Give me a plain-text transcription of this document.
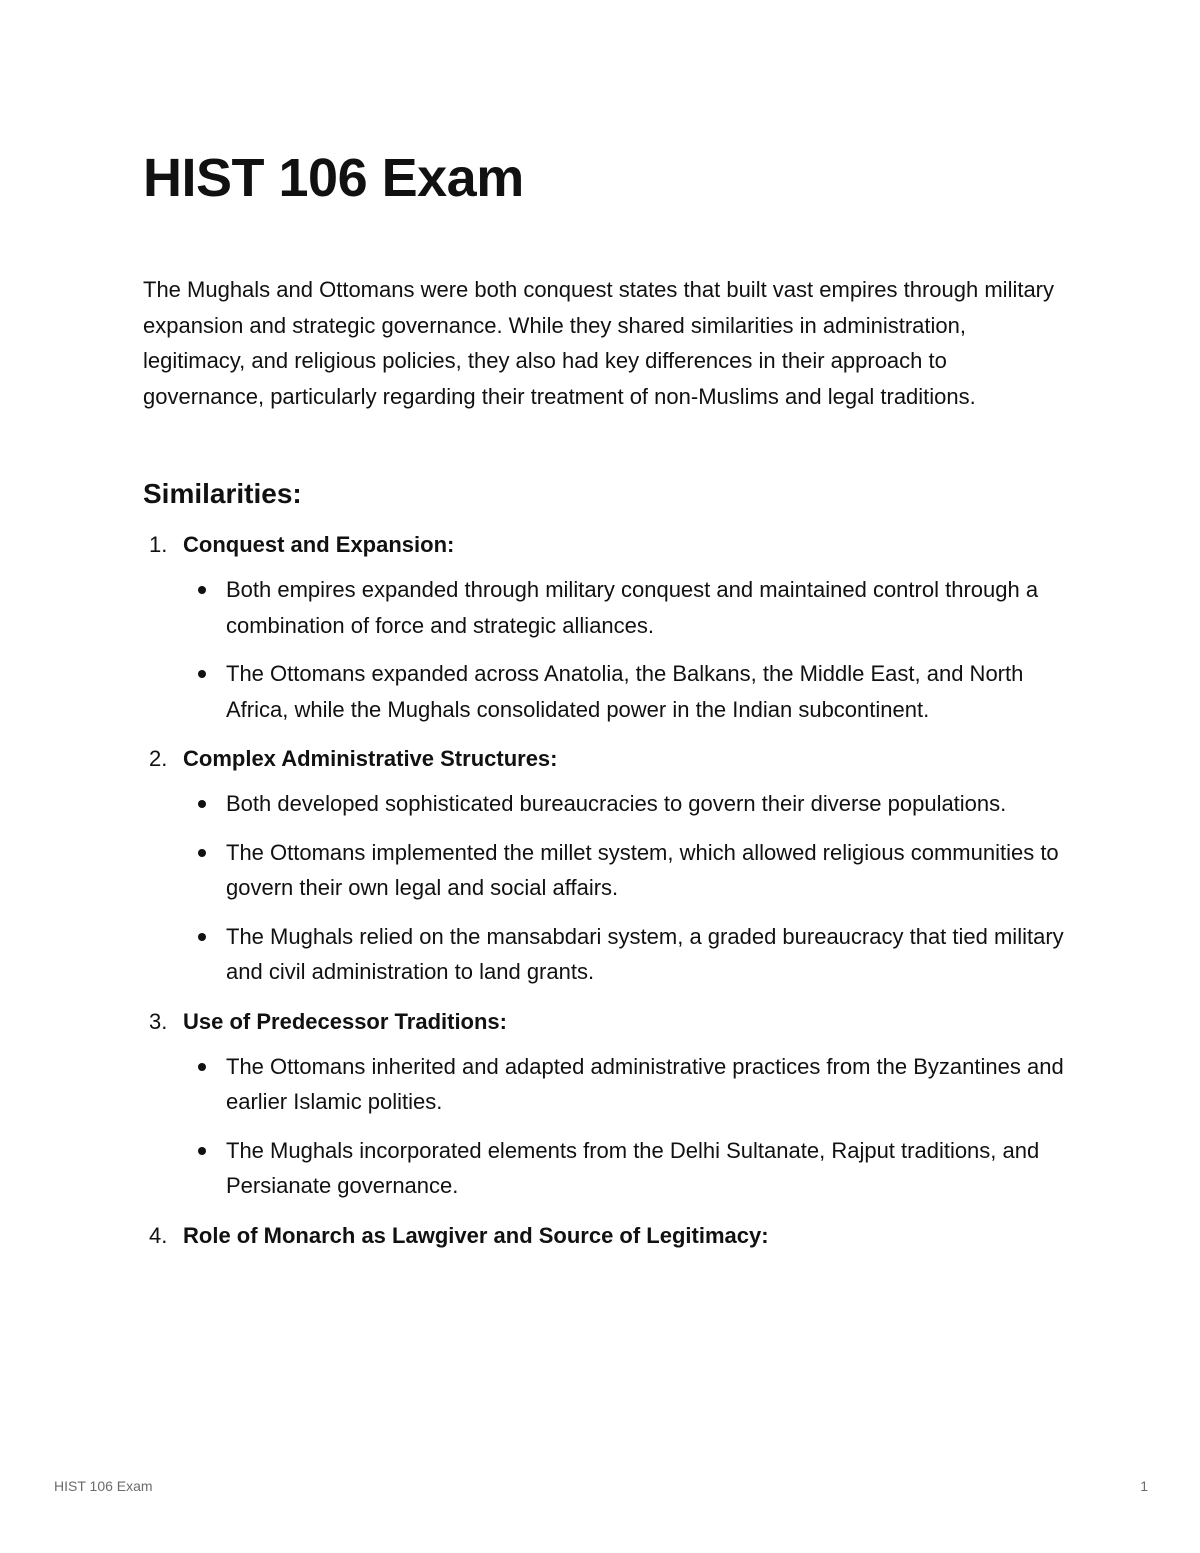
HIST 106 Exam

The Mughals and Ottomans were both conquest states that built vast empires through military expansion and strategic governance. While they shared similarities in administration, legitimacy, and religious policies, they also had key differences in their approach to governance, particularly regarding their treatment of non-Muslims and legal traditions.

Similarities:
1. Conquest and Expansion:
Both empires expanded through military conquest and maintained control through a combination of force and strategic alliances.
The Ottomans expanded across Anatolia, the Balkans, the Middle East, and North Africa, while the Mughals consolidated power in the Indian subcontinent.
2. Complex Administrative Structures:
Both developed sophisticated bureaucracies to govern their diverse populations.
The Ottomans implemented the millet system, which allowed religious communities to govern their own legal and social affairs.
The Mughals relied on the mansabdari system, a graded bureaucracy that tied military and civil administration to land grants.
3. Use of Predecessor Traditions:
The Ottomans inherited and adapted administrative practices from the Byzantines and earlier Islamic polities.
The Mughals incorporated elements from the Delhi Sultanate, Rajput traditions, and Persianate governance.
4. Role of Monarch as Lawgiver and Source of Legitimacy:
HIST 106 Exam	1
